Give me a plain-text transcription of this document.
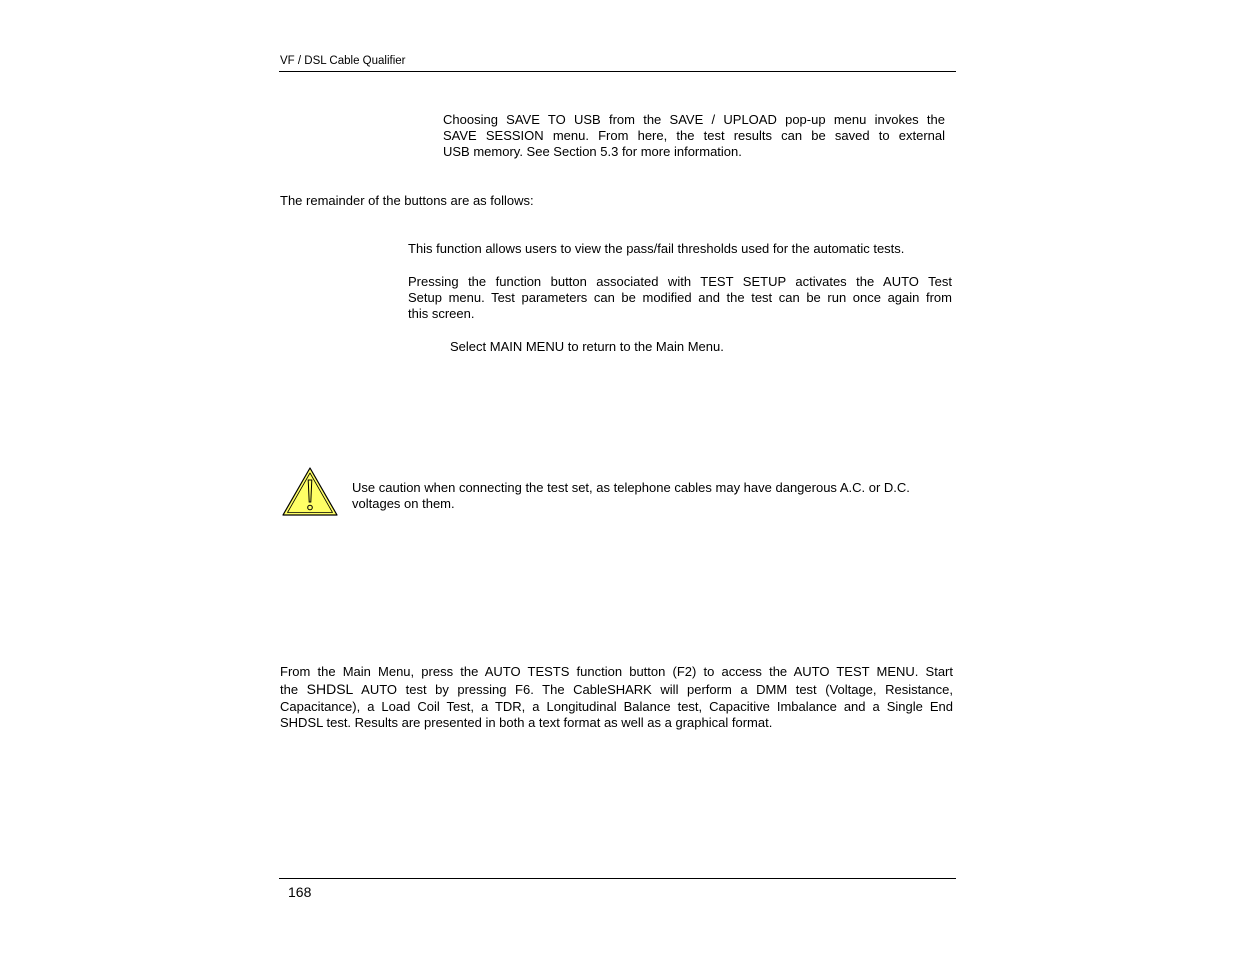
VF / DSL Cable Qualifier
Choosing SAVE TO USB from the SAVE / UPLOAD pop-up menu invokes the
SAVE SESSION menu. From here, the test results can be saved to external
USB memory. See Section 5.3 for more information.
The remainder of the buttons are as follows:
This function allows users to view the pass/fail thresholds used for the automatic tests.
Pressing the function button associated with TEST SETUP activates the AUTO Test
Setup menu. Test parameters can be modified and the test can be run once again from
this screen.
Select MAIN MENU to return to the Main Menu.
Use caution when connecting the test set, as telephone cables may have dangerous A.C. or D.C.
voltages on them.
From the Main Menu, press the AUTO TESTS function button (F2) to access the AUTO TEST MENU. Start
the SHDSL AUTO test by pressing F6. The CableSHARK will perform a DMM test (Voltage, Resistance,
Capacitance), a Load Coil Test, a TDR, a Longitudinal Balance test, Capacitive Imbalance and a Single End
SHDSL test. Results are presented in both a text format as well as a graphical format.
168
